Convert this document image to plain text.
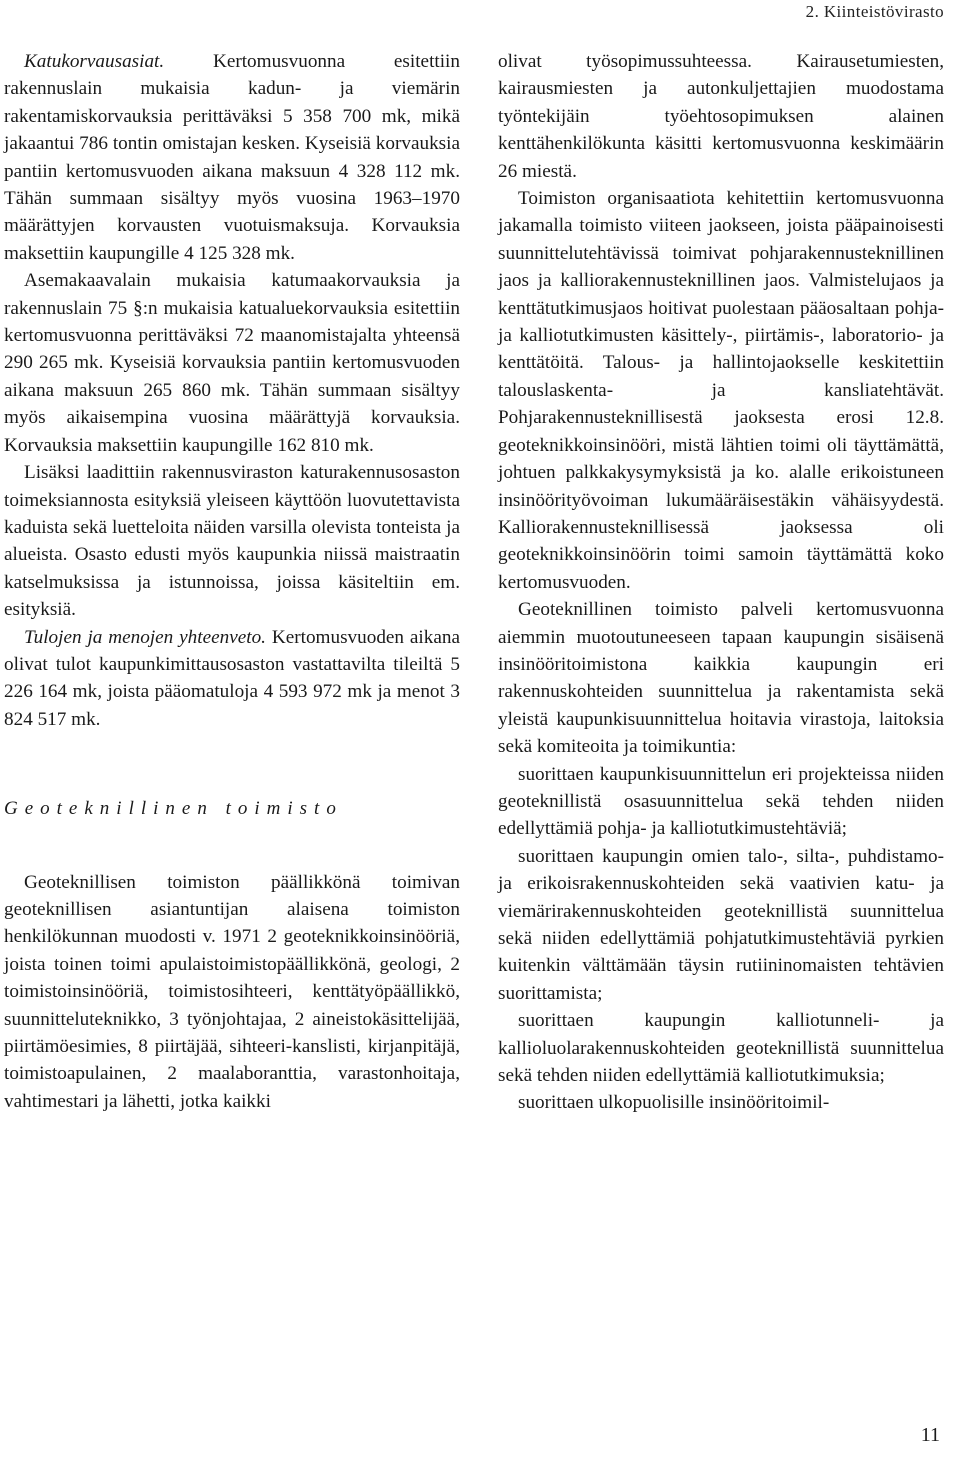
2. Kiinteistövirasto

Katukorvausasiat. Kertomusvuonna esitettiin rakennuslain mukaisia kadun- ja viemärin rakentamiskorvauksia perittäväksi 5 358 700 mk, mikä jakaantui 786 tontin omistajan kesken. Kyseisiä korvauksia pantiin kertomusvuoden aikana maksuun 4 328 112 mk. Tähän summaan sisältyy myös vuosina 1963–1970 määrättyjen korvausten vuotuismaksuja. Korvauksia maksettiin kaupungille 4 125 328 mk.

Asemakaavalain mukaisia katumaakorvauksia ja rakennuslain 75 §:n mukaisia katualuekorvauksia esitettiin kertomusvuonna perittäväksi 72 maanomistajalta yhteensä 290 265 mk. Kyseisiä korvauksia pantiin kertomusvuoden aikana maksuun 265 860 mk. Tähän summaan sisältyy myös aikaisempina vuosina määrättyjä korvauksia. Korvauksia maksettiin kaupungille 162 810 mk.

Lisäksi laadittiin rakennusviraston katurakennusosaston toimeksiannosta esityksiä yleiseen käyttöön luovutettavista kaduista sekä luetteloita näiden varsilla olevista tonteista ja alueista. Osasto edusti myös kaupunkia niissä maistraatin katselmuksissa ja istunnoissa, joissa käsiteltiin em. esityksiä.

Tulojen ja menojen yhteenveto. Kertomusvuoden aikana olivat tulot kaupunkimittausosaston vastattavilta tileiltä 5 226 164 mk, joista pääomatuloja 4 593 972 mk ja menot 3 824 517 mk.

Geoteknillinen toimisto

Geoteknillisen toimiston päällikkönä toimivan geoteknillisen asiantuntijan alaisena toimiston henkilökunnan muodosti v. 1971 2 geoteknikkoinsinööriä, joista toinen toimi apulaistoimistopäällikkönä, geologi, 2 toimistoinsinööriä, toimistosihteeri, kenttätyöpäällikkö, suunnitteluteknikko, 3 työnjohtajaa, 2 aineistokäsittelijää, piirtämöesimies, 8 piirtäjää, sihteeri-kanslisti, kirjanpitäjä, toimistoapulainen, 2 maalaboranttia, varastonhoitaja, vahtimestari ja lähetti, jotka kaikki

olivat työsopimussuhteessa. Kairausetumiesten, kairausmiesten ja autonkuljettajien muodostama työntekijäin työehtosopimuksen alainen kenttähenkilökunta käsitti kertomusvuonna keskimäärin 26 miestä.

Toimiston organisaatiota kehitettiin kertomusvuonna jakamalla toimisto viiteen jaokseen, joista pääpainoisesti suunnittelutehtävissä toimivat pohjarakennusteknillinen jaos ja kalliorakennusteknillinen jaos. Valmistelujaos ja kenttätutkimusjaos hoitivat puolestaan pääosaltaan pohja- ja kalliotutkimusten käsittely-, piirtämis-, laboratorio- ja kenttätöitä. Talous- ja hallintojaokselle keskitettiin talouslaskenta- ja kansliatehtävät. Pohjarakennusteknillisestä jaoksesta erosi 12.8. geoteknikkoinsinööri, mistä lähtien toimi oli täyttämättä, johtuen palkkakysymyksistä ja ko. alalle erikoistuneen insinöörityövoiman lukumääräisestäkin vähäisyydestä. Kalliorakennusteknillisessä jaoksessa oli geoteknikkoinsinöörin toimi samoin täyttämättä koko kertomusvuoden.

Geoteknillinen toimisto palveli kertomusvuonna aiemmin muotoutuneeseen tapaan kaupungin sisäisenä insinööritoimistona kaikkia kaupungin eri rakennuskohteiden suunnittelua ja rakentamista sekä yleistä kaupunkisuunnittelua hoitavia virastoja, laitoksia sekä komiteoita ja toimikuntia:

suorittaen kaupunkisuunnittelun eri projekteissa niiden geoteknillistä osasuunnittelua sekä tehden niiden edellyttämiä pohja- ja kalliotutkimustehtäviä;

suorittaen kaupungin omien talo-, silta-, puhdistamo- ja erikoisrakennuskohteiden sekä vaativien katu- ja viemärirakennuskohteiden geoteknillistä suunnittelua sekä niiden edellyttämiä pohjatutkimustehtäviä pyrkien kuitenkin välttämään täysin rutiininomaisten tehtävien suorittamista;

suorittaen kaupungin kalliotunneli- ja kallioluolarakennuskohteiden geoteknillistä suunnittelua sekä tehden niiden edellyttämiä kalliotutkimuksia;

suorittaen ulkopuolisille insinööritoimil-

11
